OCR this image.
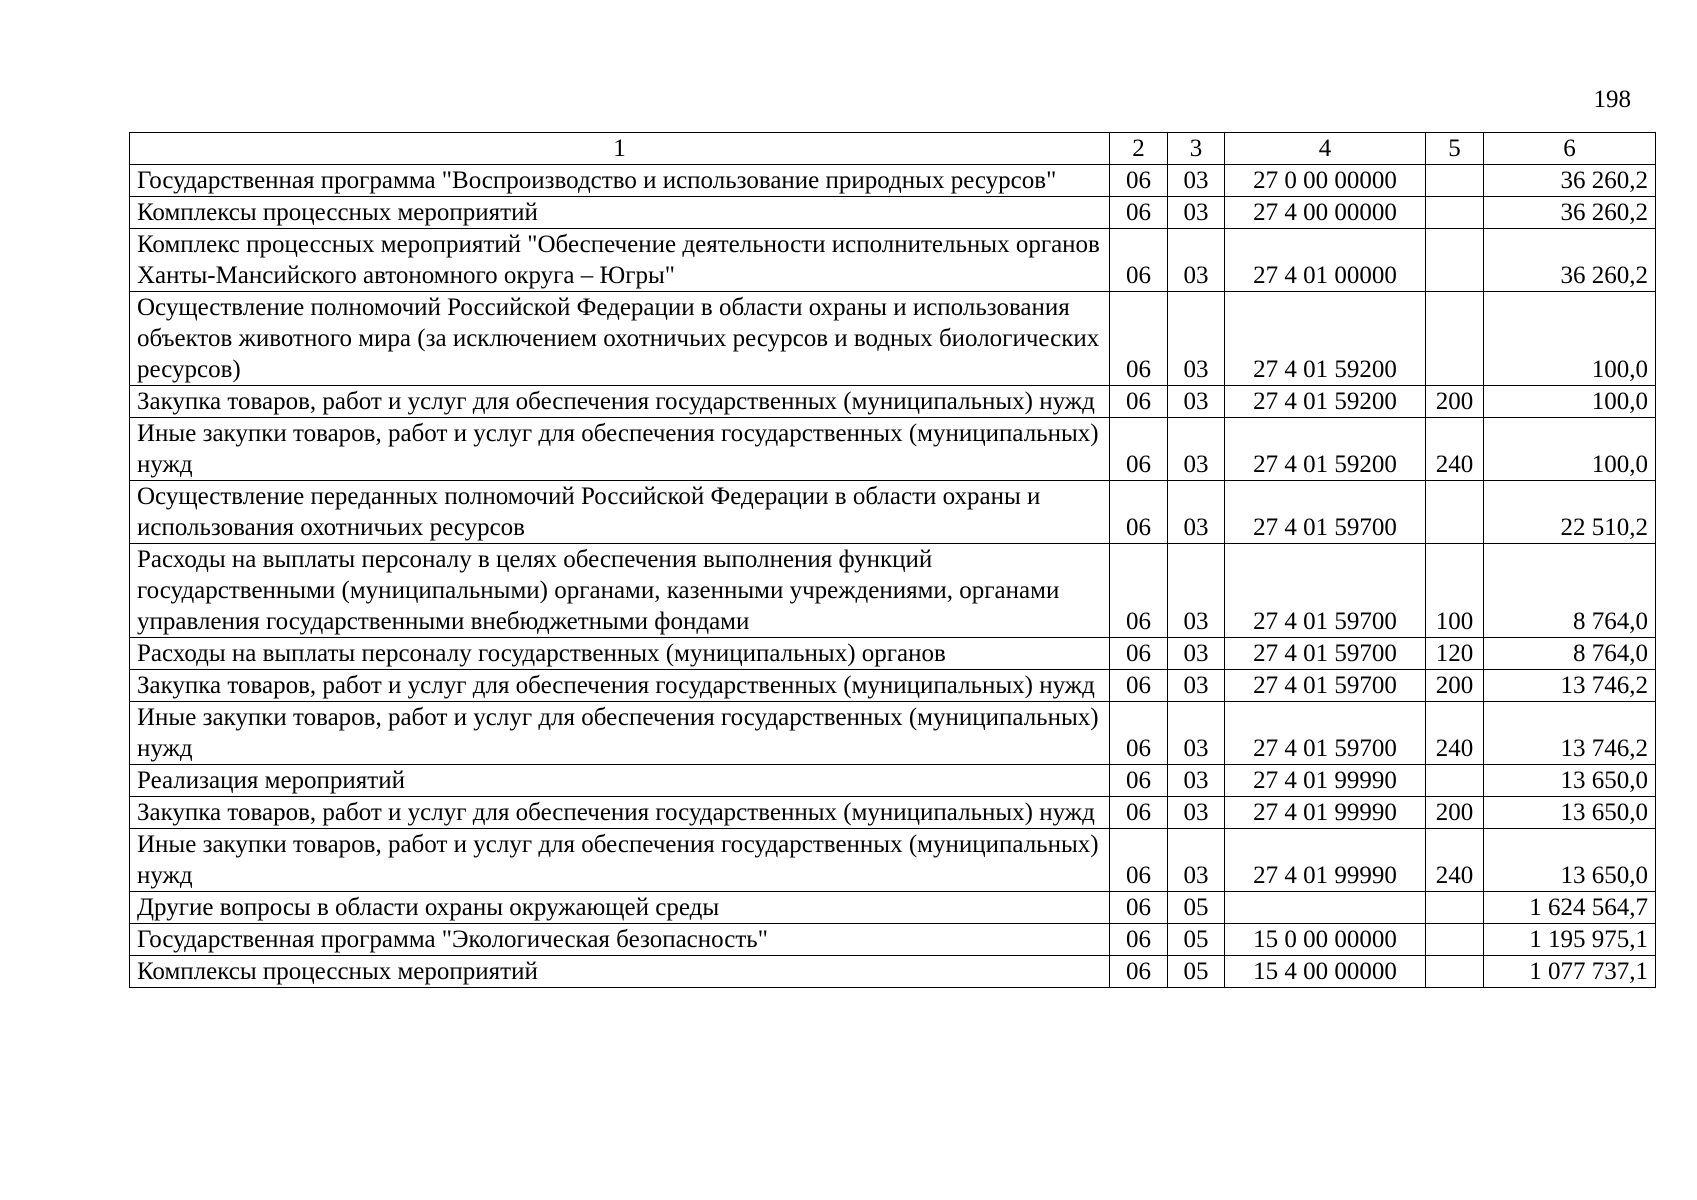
198
1	2	3	4	5	6
Государственная программа "Воспроизводство и использование природных ресурсов"	06	03	27 0 00 00000		36 260,2
Комплексы процессных мероприятий	06	03	27 4 00 00000		36 260,2
Комплекс процессных мероприятий "Обеспечение деятельности исполнительных органов Ханты-Мансийского автономного округа – Югры"	06	03	27 4 01 00000		36 260,2
Осуществление полномочий Российской Федерации в области охраны и использования объектов животного мира (за исключением охотничьих ресурсов и водных биологических ресурсов)	06	03	27 4 01 59200		100,0
Закупка товаров, работ и услуг для обеспечения государственных (муниципальных) нужд	06	03	27 4 01 59200	200	100,0
Иные закупки товаров, работ и услуг для обеспечения государственных (муниципальных) нужд	06	03	27 4 01 59200	240	100,0
Осуществление переданных полномочий Российской Федерации в области охраны и использования охотничьих ресурсов	06	03	27 4 01 59700		22 510,2
Расходы на выплаты персоналу в целях обеспечения выполнения функций государственными (муниципальными) органами, казенными учреждениями, органами управления государственными внебюджетными фондами	06	03	27 4 01 59700	100	8 764,0
Расходы на выплаты персоналу государственных (муниципальных) органов	06	03	27 4 01 59700	120	8 764,0
Закупка товаров, работ и услуг для обеспечения государственных (муниципальных) нужд	06	03	27 4 01 59700	200	13 746,2
Иные закупки товаров, работ и услуг для обеспечения государственных (муниципальных) нужд	06	03	27 4 01 59700	240	13 746,2
Реализация мероприятий	06	03	27 4 01 99990		13 650,0
Закупка товаров, работ и услуг для обеспечения государственных (муниципальных) нужд	06	03	27 4 01 99990	200	13 650,0
Иные закупки товаров, работ и услуг для обеспечения государственных (муниципальных) нужд	06	03	27 4 01 99990	240	13 650,0
Другие вопросы в области охраны окружающей среды	06	05			1 624 564,7
Государственная программа "Экологическая безопасность"	06	05	15 0 00 00000		1 195 975,1
Комплексы процессных мероприятий	06	05	15 4 00 00000		1 077 737,1
